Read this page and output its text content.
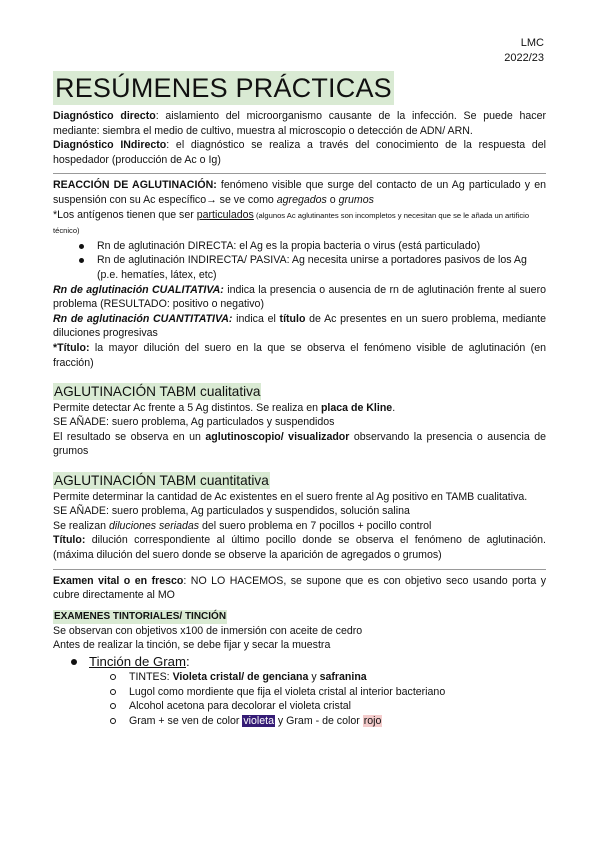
LMC
2022/23
RESÚMENES PRÁCTICAS

Diagnóstico directo: aislamiento del microorganismo causante de la infección. Se puede hacer mediante: siembra el medio de cultivo, muestra al microscopio o detección de ADN/ ARN.

Diagnóstico INdirecto: el diagnóstico se realiza a través del conocimiento de la respuesta del hospedador (producción de Ac o Ig)

REACCIÓN DE AGLUTINACIÓN: fenómeno visible que surge del contacto de un Ag particulado y en suspensión con su Ac específico→ se ve como agregados o grumos

*Los antígenos tienen que ser particulados (algunos Ac aglutinantes son incompletos y necesitan que se le añada un artificio técnico)

Rn de aglutinación DIRECTA: el Ag es la propia bacteria o virus (está particulado)
Rn de aglutinación INDIRECTA/ PASIVA: Ag necesita unirse a portadores pasivos de los Ag (p.e. hematíes, látex, etc)

Rn de aglutinación CUALITATIVA: indica la presencia o ausencia de rn de aglutinación frente al suero problema (RESULTADO: positivo o negativo)

Rn de aglutinación CUANTITATIVA: indica el título de Ac presentes en un suero problema, mediante diluciones progresivas

*Título: la mayor dilución del suero en la que se observa el fenómeno visible de aglutinación (en fracción)

AGLUTINACIÓN TABM cualitativa

Permite detectar Ac frente a 5 Ag distintos. Se realiza en placa de Kline.

SE AÑADE: suero problema, Ag particulados y suspendidos

El resultado se observa en un aglutinoscopio/ visualizador observando la presencia o ausencia de grumos

AGLUTINACIÓN TABM cuantitativa

Permite determinar la cantidad de Ac existentes en el suero frente al Ag positivo en TAMB cualitativa.

SE AÑADE: suero problema, Ag particulados y suspendidos, solución salina

Se realizan diluciones seriadas del suero problema en 7 pocillos + pocillo control

Título: dilución correspondiente al último pocillo donde se observa el fenómeno de aglutinación. (máxima dilución del suero donde se observe la aparición de agregados o grumos)

Examen vital o en fresco: NO LO HACEMOS, se supone que es con objetivo seco usando porta y cubre directamente al MO

EXAMENES TINTORIALES/ TINCIÓN

Se observan con objetivos x100 de inmersión con aceite de cedro

Antes de realizar la tinción, se debe fijar y secar la muestra

Tinción de Gram:
TINTES: Violeta cristal/ de genciana y safranina
Lugol como mordiente que fija el violeta cristal al interior bacteriano
Alcohol acetona para decolorar el violeta cristal
Gram + se ven de color violeta y Gram - de color rojo
